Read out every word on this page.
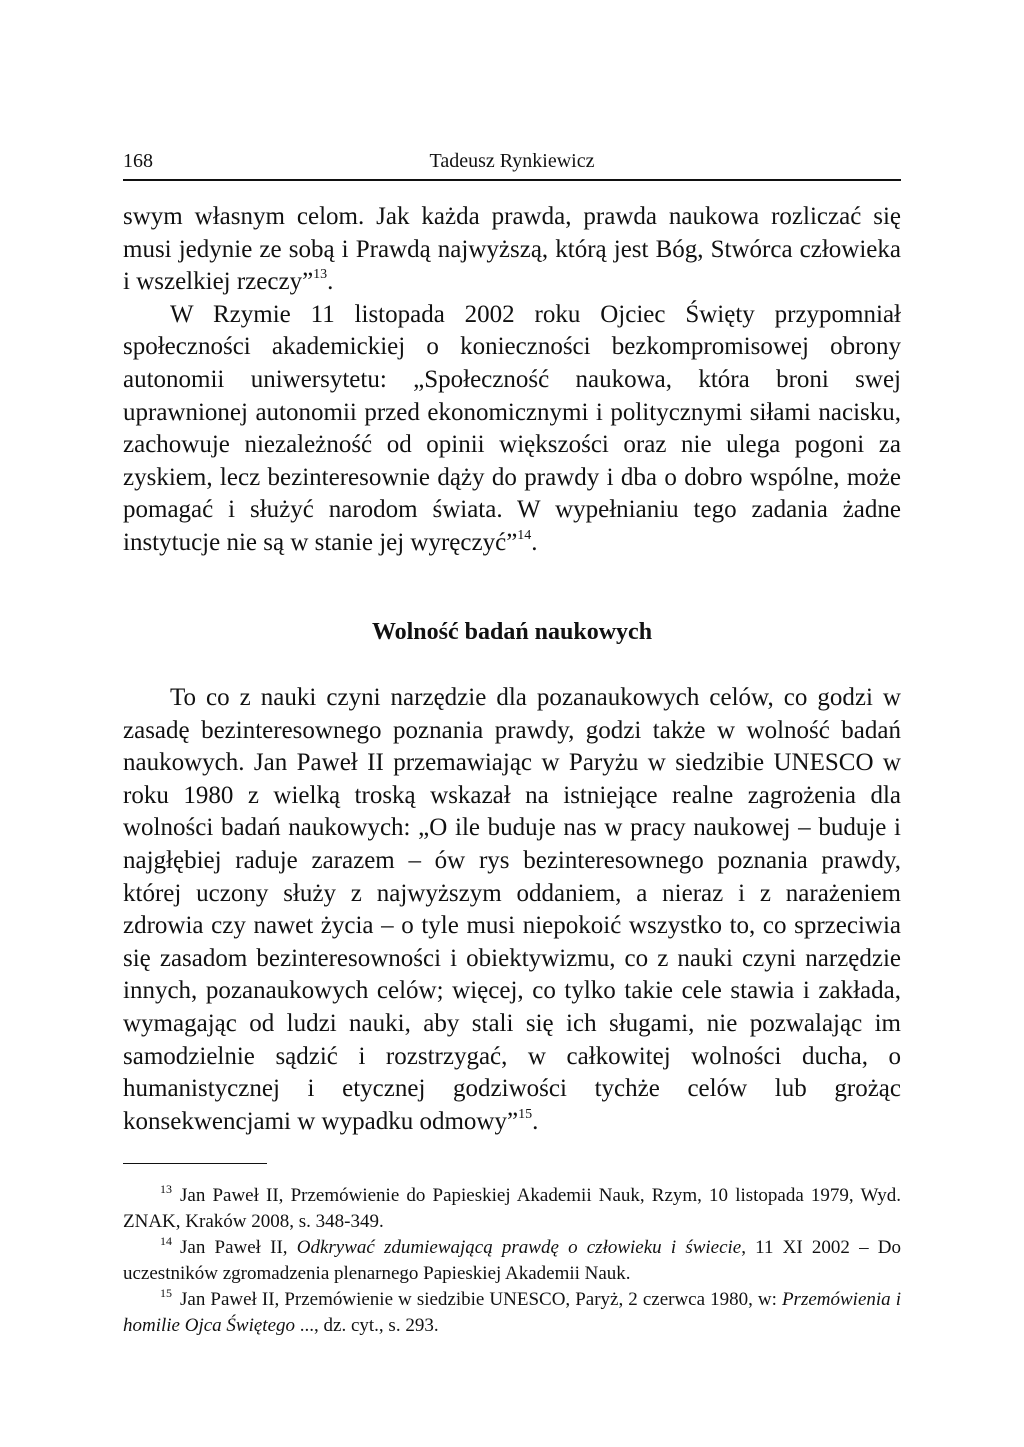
168	Tadeusz Rynkiewicz

swym własnym celom. Jak każda prawda, prawda naukowa rozliczać się musi jedynie ze sobą i Prawdą najwyższą, którą jest Bóg, Stwórca człowieka i wszelkiej rzeczy”$^{13}$.

W Rzymie 11 listopada 2002 roku Ojciec Święty przypomniał społeczności akademickiej o konieczności bezkompromisowej obrony autonomii uniwersytetu: „Społeczność naukowa, która broni swej uprawnionej autonomii przed ekonomicznymi i politycznymi siłami nacisku, zachowuje niezależność od opinii większości oraz nie ulega pogoni za zyskiem, lecz bezinteresownie dąży do prawdy i dba o dobro wspólne, może pomagać i służyć narodom świata. W wypełnianiu tego zadania żadne instytucje nie są w stanie jej wyręczyć”$^{14}$.

Wolność badań naukowych

To co z nauki czyni narzędzie dla pozanaukowych celów, co godzi w zasadę bezinteresownego poznania prawdy, godzi także w wolność badań naukowych. Jan Paweł II przemawiając w Paryżu w siedzibie UNESCO w roku 1980 z wielką troską wskazał na istniejące realne zagrożenia dla wolności badań naukowych: „O ile buduje nas w pracy naukowej – buduje i najgłębiej raduje zarazem – ów rys bezinteresownego poznania prawdy, której uczony służy z najwyższym oddaniem, a nieraz i z narażeniem zdrowia czy nawet życia – o tyle musi niepokoić wszystko to, co sprzeciwia się zasadom bezinteresowności i obiektywizmu, co z nauki czyni narzędzie innych, pozanaukowych celów; więcej, co tylko takie cele stawia i zakłada, wymagając od ludzi nauki, aby stali się ich sługami, nie pozwalając im samodzielnie sądzić i rozstrzygać, w całkowitej wolności ducha, o humanistycznej i etycznej godziwości tychże celów lub grożąc konsekwencjami w wypadku odmowy”$^{15}$.

$^{13}$ Jan Paweł II, Przemówienie do Papieskiej Akademii Nauk, Rzym, 10 listopada 1979, Wyd. ZNAK, Kraków 2008, s. 348-349.

$^{14}$ Jan Paweł II, Odkrywać zdumiewającą prawdę o człowieku i świecie, 11 XI 2002 – Do uczestników zgromadzenia plenarnego Papieskiej Akademii Nauk.

$^{15}$ Jan Paweł II, Przemówienie w siedzibie UNESCO, Paryż, 2 czerwca 1980, w: Przemówienia i homilie Ojca Świętego ..., dz. cyt., s. 293.
